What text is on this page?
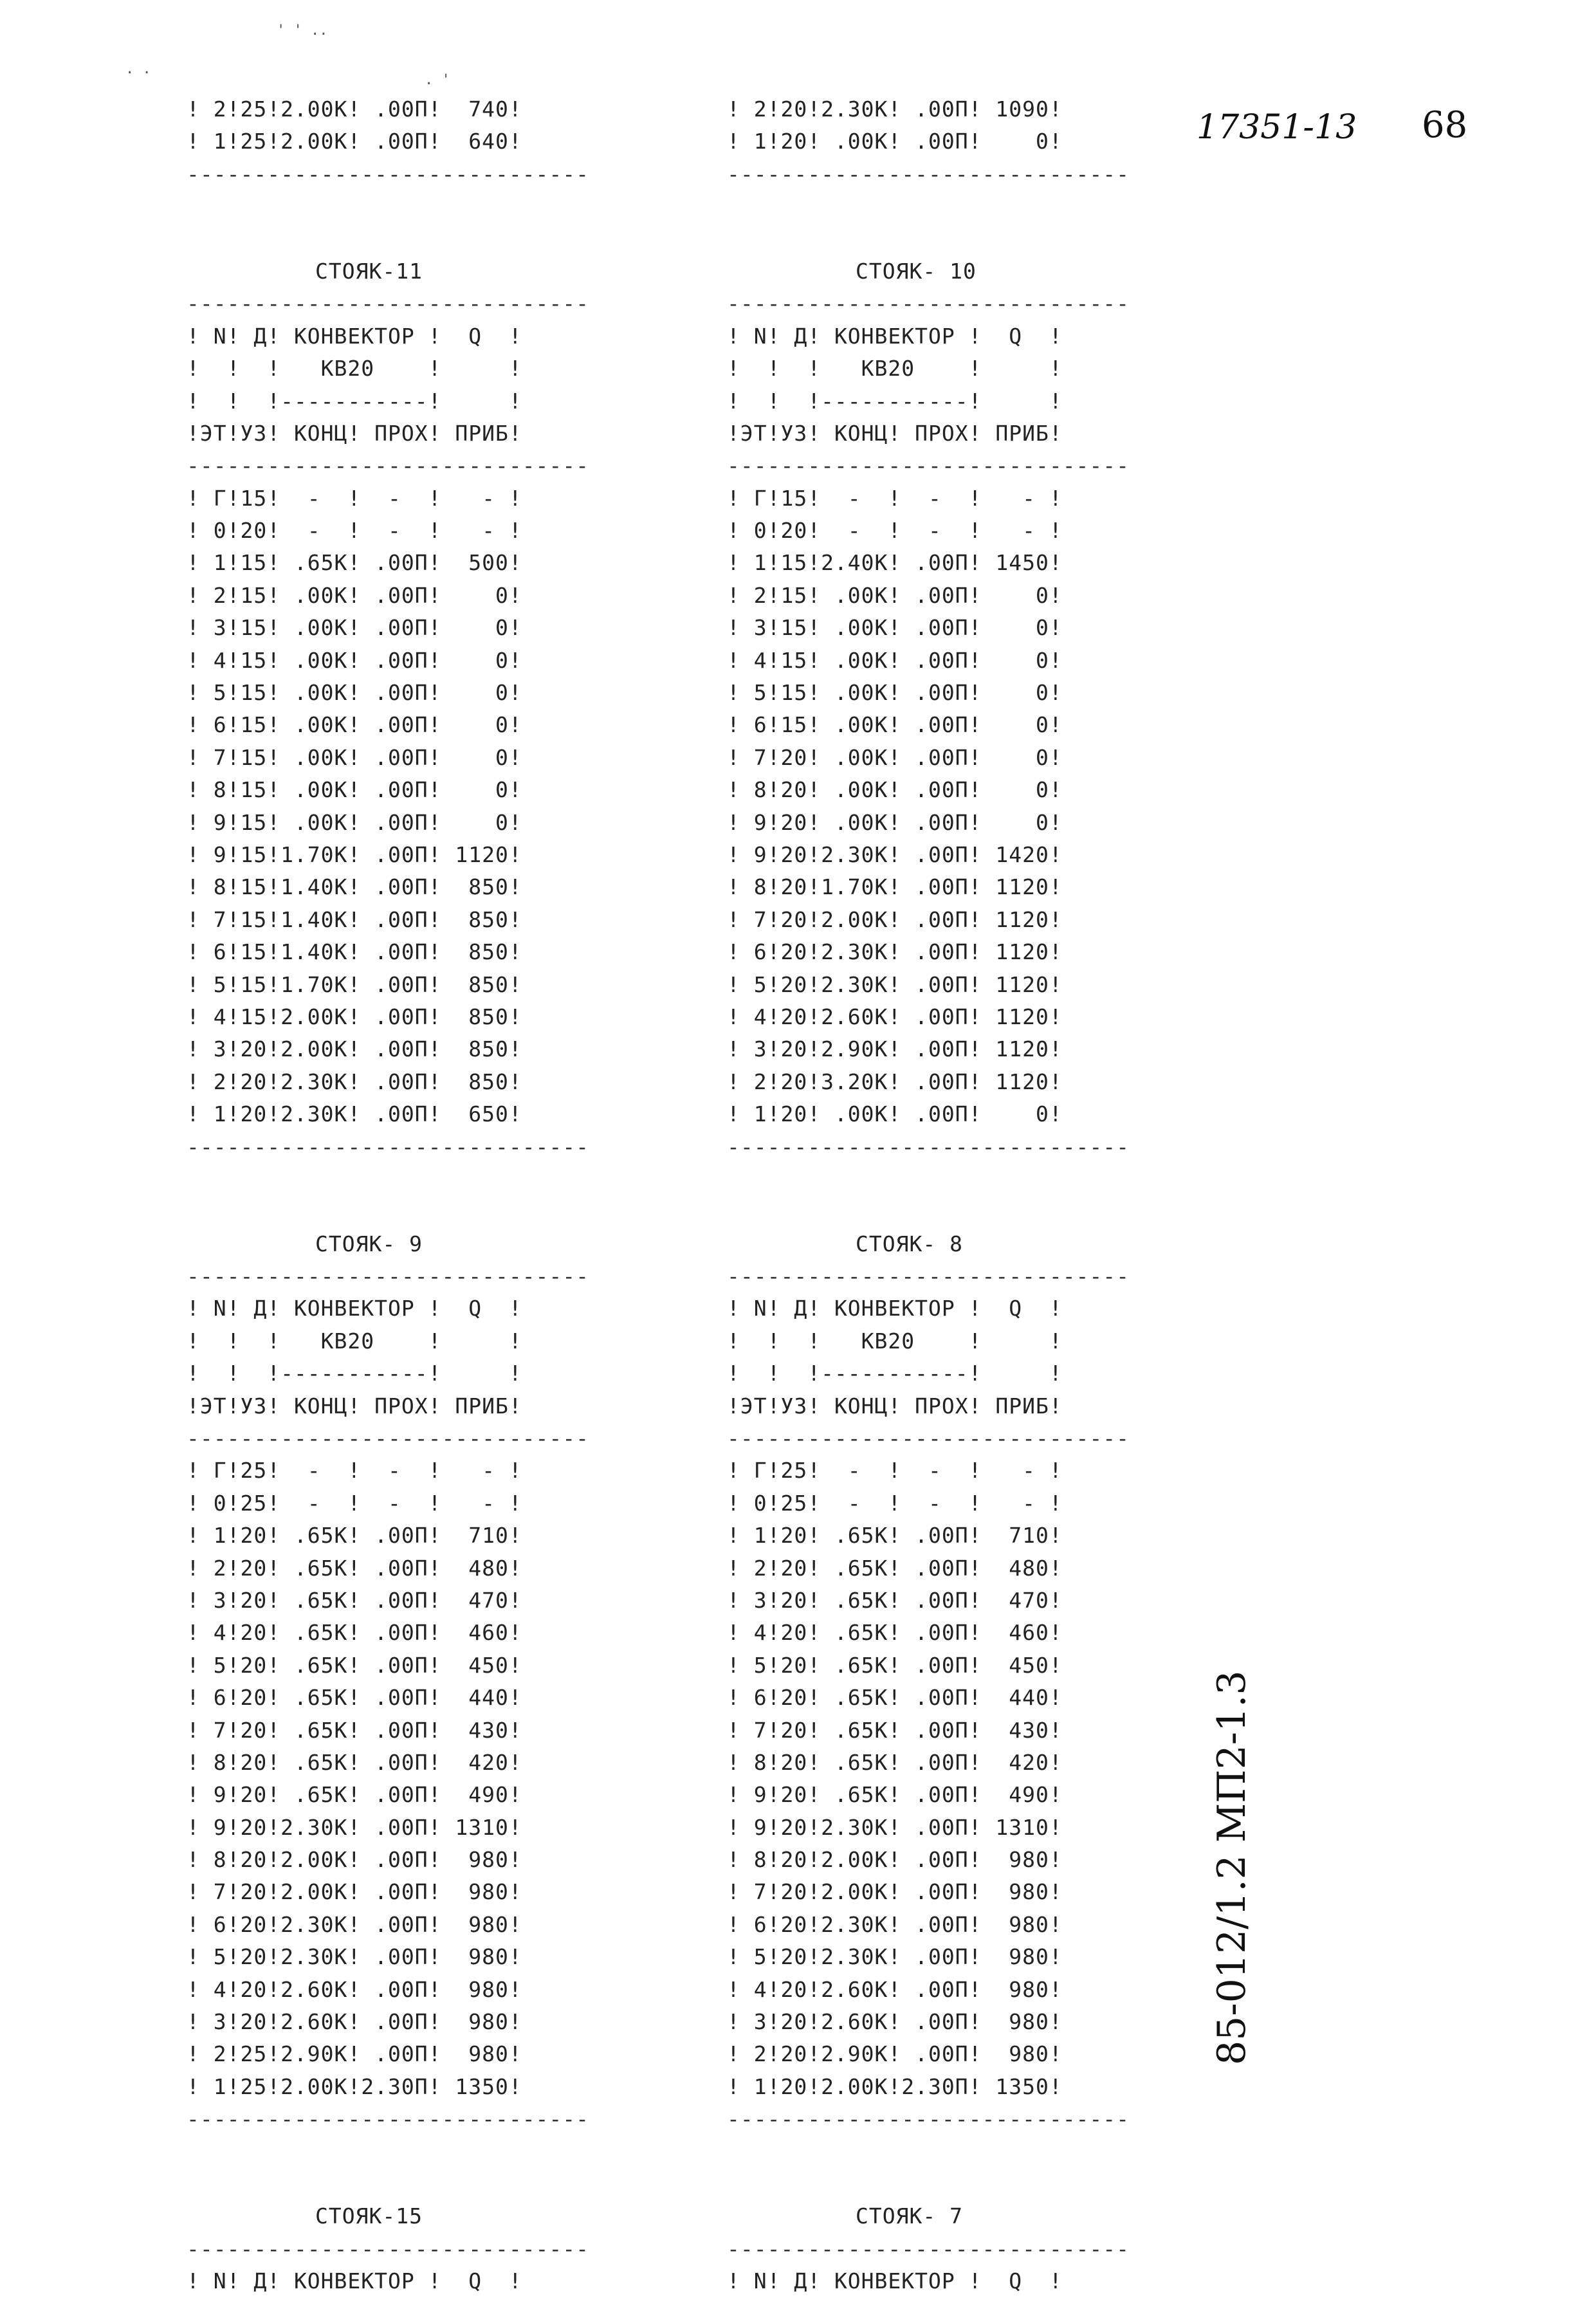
' ' ..
. .
. '
17351-13 68
85-012/1.2 МП2-1.3
! 2!25!2.00К! .00П!  740!
! 1!25!2.00К! .00П!  640!
------------------------------
СТОЯК-11
------------------------------
! N! Д! КОНВЕКТОР !  Q  !
!  !  !   КВ20    !     !
!  !  !-----------!     !
!ЭТ!УЗ! КОНЦ! ПРОХ! ПРИБ!
------------------------------
! Г!15!  -  !  -  !   - !
! 0!20!  -  !  -  !   - !
! 1!15! .65К! .00П!  500!
! 2!15! .00К! .00П!    0!
! 3!15! .00К! .00П!    0!
! 4!15! .00К! .00П!    0!
! 5!15! .00К! .00П!    0!
! 6!15! .00К! .00П!    0!
! 7!15! .00К! .00П!    0!
! 8!15! .00К! .00П!    0!
! 9!15! .00К! .00П!    0!
! 9!15!1.70К! .00П! 1120!
! 8!15!1.40К! .00П!  850!
! 7!15!1.40К! .00П!  850!
! 6!15!1.40К! .00П!  850!
! 5!15!1.70К! .00П!  850!
! 4!15!2.00К! .00П!  850!
! 3!20!2.00К! .00П!  850!
! 2!20!2.30К! .00П!  850!
! 1!20!2.30К! .00П!  650!
------------------------------
СТОЯК- 9
------------------------------
! N! Д! КОНВЕКТОР !  Q  !
!  !  !   КВ20    !     !
!  !  !-----------!     !
!ЭТ!УЗ! КОНЦ! ПРОХ! ПРИБ!
------------------------------
! Г!25!  -  !  -  !   - !
! 0!25!  -  !  -  !   - !
! 1!20! .65К! .00П!  710!
! 2!20! .65К! .00П!  480!
! 3!20! .65К! .00П!  470!
! 4!20! .65К! .00П!  460!
! 5!20! .65К! .00П!  450!
! 6!20! .65К! .00П!  440!
! 7!20! .65К! .00П!  430!
! 8!20! .65К! .00П!  420!
! 9!20! .65К! .00П!  490!
! 9!20!2.30К! .00П! 1310!
! 8!20!2.00К! .00П!  980!
! 7!20!2.00К! .00П!  980!
! 6!20!2.30К! .00П!  980!
! 5!20!2.30К! .00П!  980!
! 4!20!2.60К! .00П!  980!
! 3!20!2.60К! .00П!  980!
! 2!25!2.90К! .00П!  980!
! 1!25!2.00К!2.30П! 1350!
------------------------------
СТОЯК-15
------------------------------
! N! Д! КОНВЕКТОР !  Q  !
! 2!20!2.30К! .00П! 1090!
! 1!20! .00К! .00П!    0!
------------------------------
СТОЯК- 10
------------------------------
! N! Д! КОНВЕКТОР !  Q  !
!  !  !   КВ20    !     !
!  !  !-----------!     !
!ЭТ!УЗ! КОНЦ! ПРОХ! ПРИБ!
------------------------------
! Г!15!  -  !  -  !   - !
! 0!20!  -  !  -  !   - !
! 1!15!2.40К! .00П! 1450!
! 2!15! .00К! .00П!    0!
! 3!15! .00К! .00П!    0!
! 4!15! .00К! .00П!    0!
! 5!15! .00К! .00П!    0!
! 6!15! .00К! .00П!    0!
! 7!20! .00К! .00П!    0!
! 8!20! .00К! .00П!    0!
! 9!20! .00К! .00П!    0!
! 9!20!2.30К! .00П! 1420!
! 8!20!1.70К! .00П! 1120!
! 7!20!2.00К! .00П! 1120!
! 6!20!2.30К! .00П! 1120!
! 5!20!2.30К! .00П! 1120!
! 4!20!2.60К! .00П! 1120!
! 3!20!2.90К! .00П! 1120!
! 2!20!3.20К! .00П! 1120!
! 1!20! .00К! .00П!    0!
------------------------------
СТОЯК- 8
------------------------------
! N! Д! КОНВЕКТОР !  Q  !
!  !  !   КВ20    !     !
!  !  !-----------!     !
!ЭТ!УЗ! КОНЦ! ПРОХ! ПРИБ!
------------------------------
! Г!25!  -  !  -  !   - !
! 0!25!  -  !  -  !   - !
! 1!20! .65К! .00П!  710!
! 2!20! .65К! .00П!  480!
! 3!20! .65К! .00П!  470!
! 4!20! .65К! .00П!  460!
! 5!20! .65К! .00П!  450!
! 6!20! .65К! .00П!  440!
! 7!20! .65К! .00П!  430!
! 8!20! .65К! .00П!  420!
! 9!20! .65К! .00П!  490!
! 9!20!2.30К! .00П! 1310!
! 8!20!2.00К! .00П!  980!
! 7!20!2.00К! .00П!  980!
! 6!20!2.30К! .00П!  980!
! 5!20!2.30К! .00П!  980!
! 4!20!2.60К! .00П!  980!
! 3!20!2.60К! .00П!  980!
! 2!20!2.90К! .00П!  980!
! 1!20!2.00К!2.30П! 1350!
------------------------------
СТОЯК- 7
------------------------------
! N! Д! КОНВЕКТОР !  Q  !
